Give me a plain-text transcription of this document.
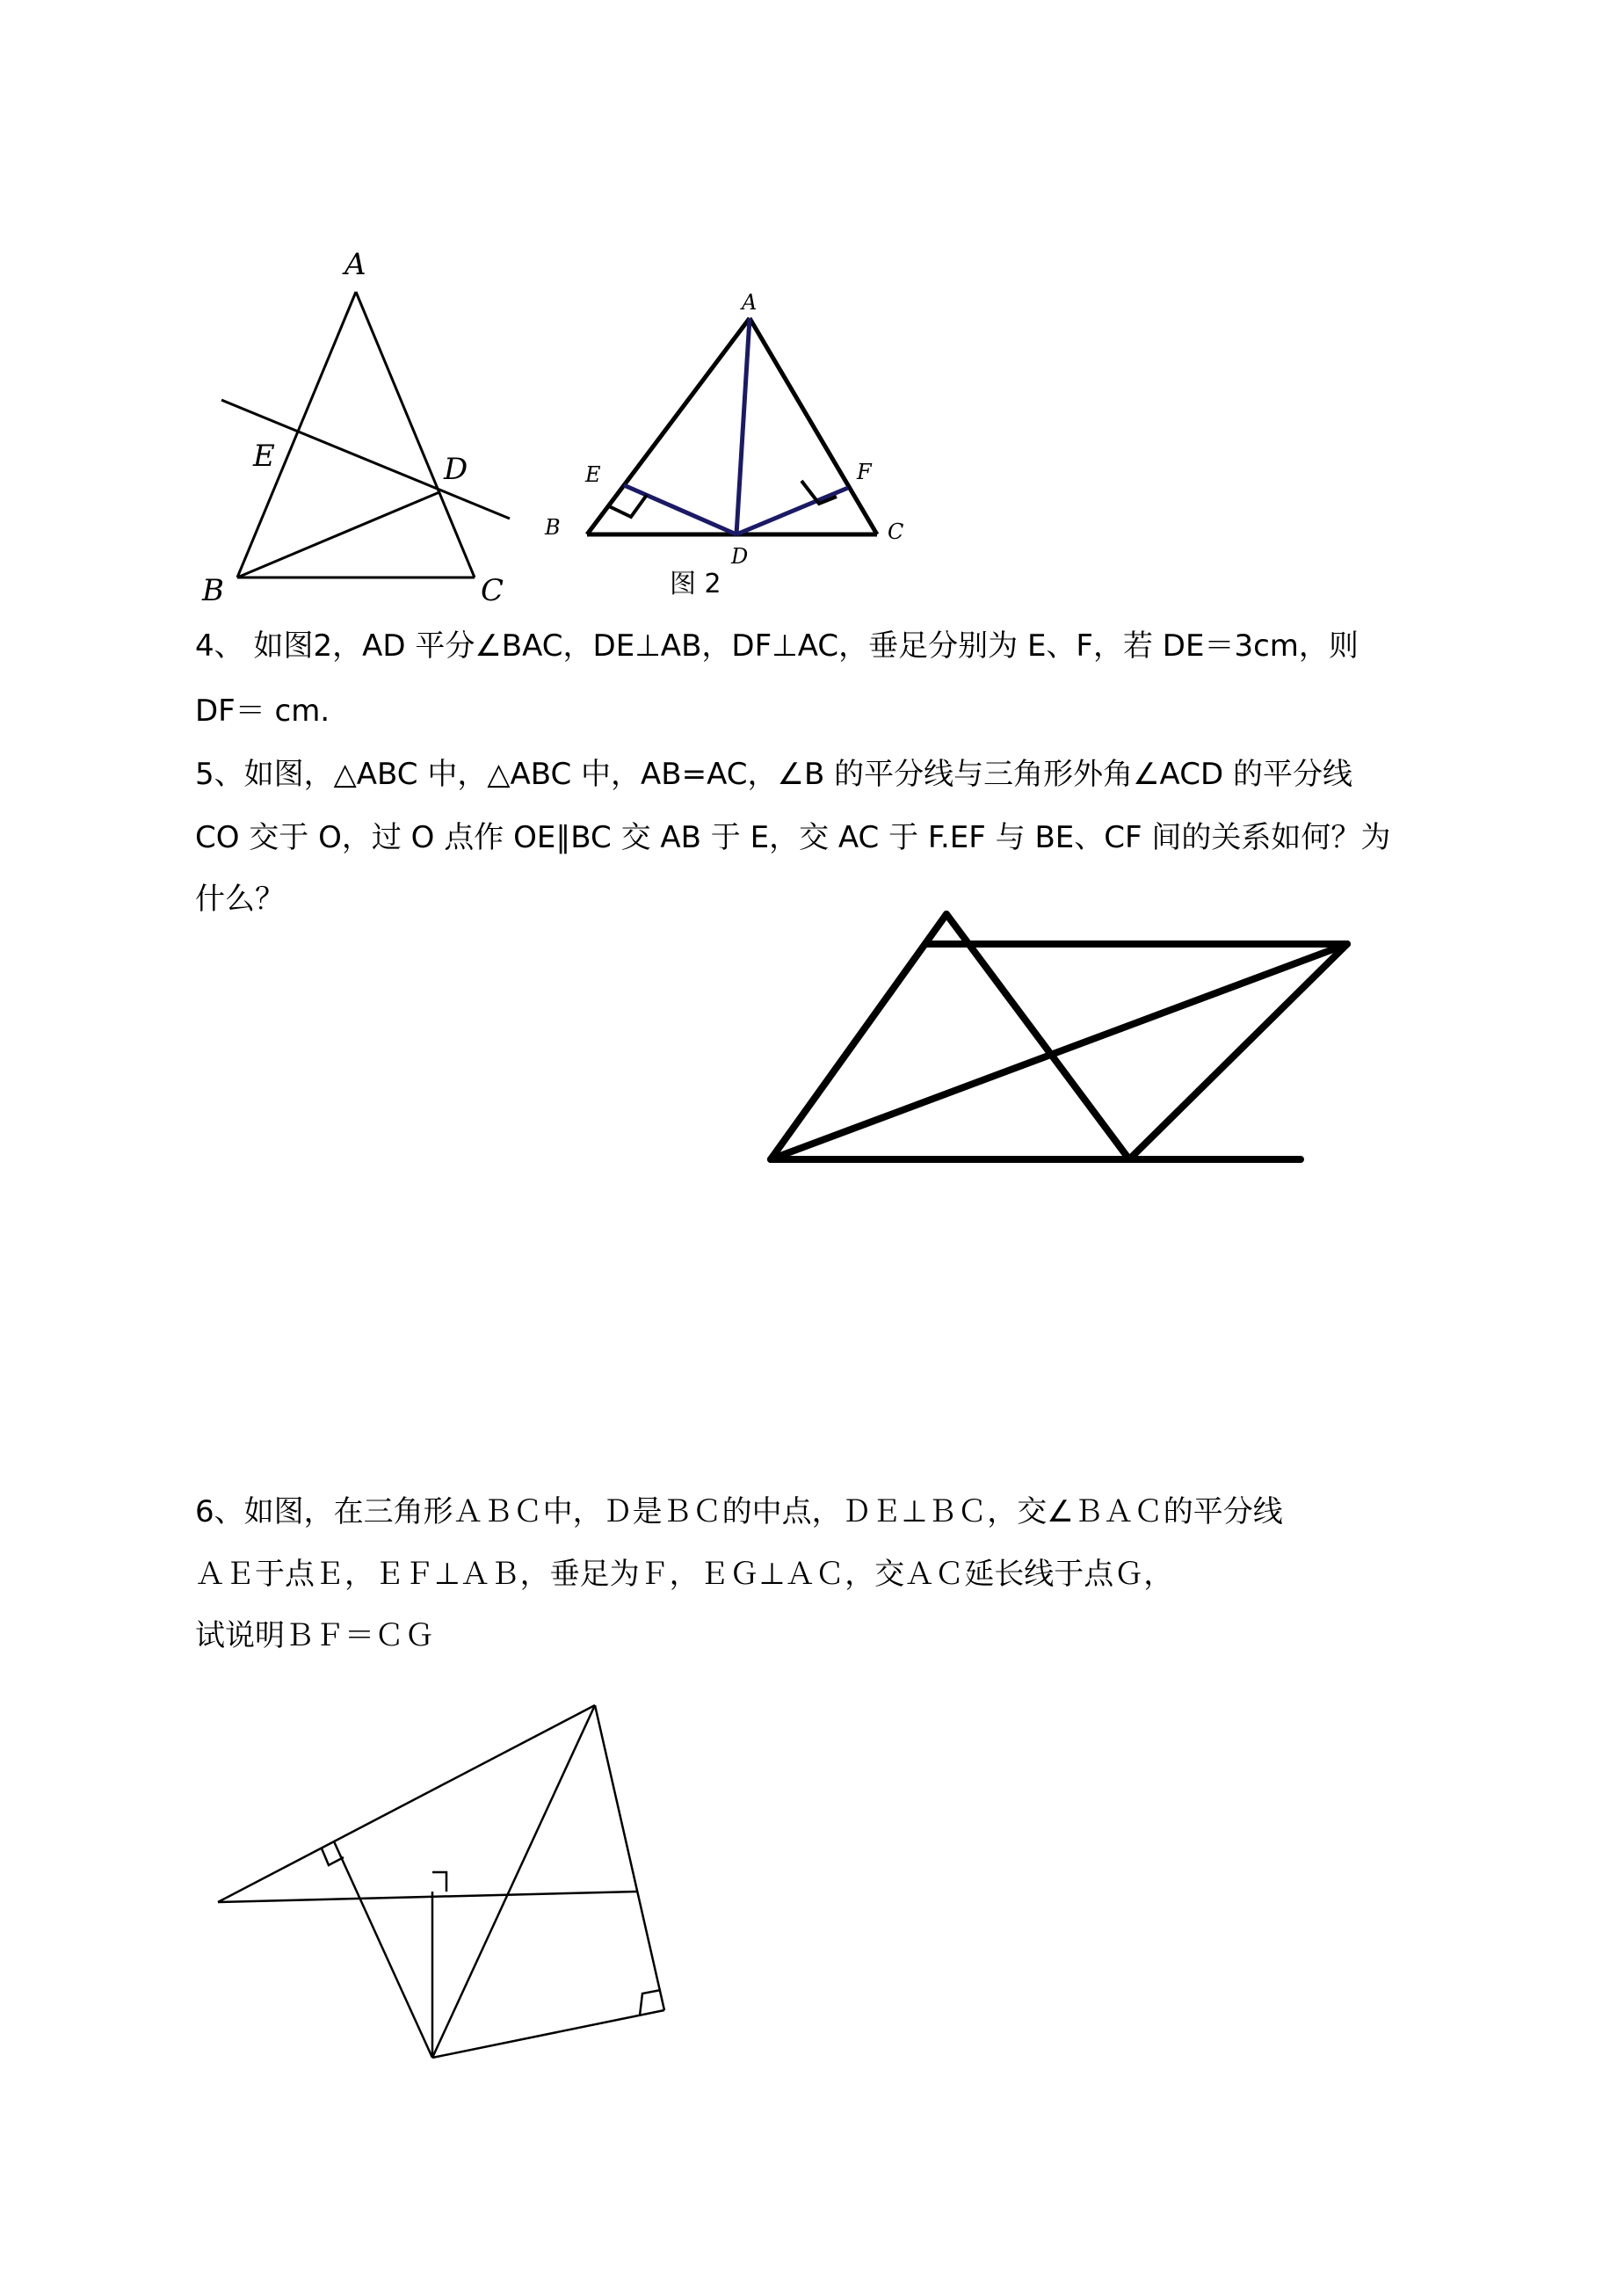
A
E	D
B	C
A
E	F
B
D
C
图 2
4、 如图2，AD 平分∠BAC，DE⊥AB，DF⊥AC，垂足分别为 E、F，若 DE＝3cm，则
DF＝ cm.
5、如图，△ABC 中，△ABC 中，AB=AC，∠B 的平分线与三角形外角∠ACD 的平分线
CO 交于 O，过 O 点作 OE∥BC 交 AB 于 E，交 AC 于 F.EF 与 BE、CF 间的关系如何？为
什么？
6、如图，在三角形ＡＢＣ中，Ｄ是ＢＣ的中点，ＤＥ⊥ＢＣ，交∠ＢＡＣ的平分线
ＡＥ于点Ｅ，ＥＦ⊥ＡＢ，垂足为Ｆ，ＥＧ⊥ＡＣ，交ＡＣ延长线于点Ｇ，
试说明ＢＦ＝ＣＧ
